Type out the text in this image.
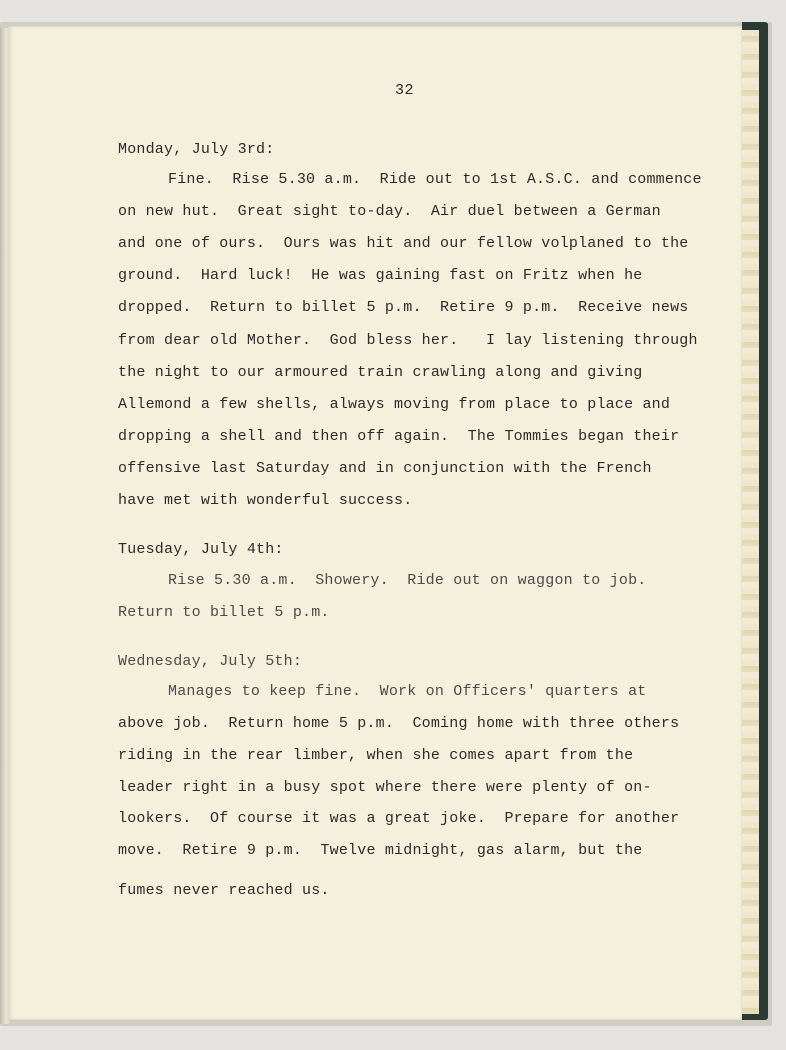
32
Monday, July 3rd:
Fine.  Rise 5.30 a.m.  Ride out to 1st A.S.C. and commence
on new hut.  Great sight to-day.  Air duel between a German
and one of ours.  Ours was hit and our fellow volplaned to the
ground.  Hard luck!  He was gaining fast on Fritz when he
dropped.  Return to billet 5 p.m.  Retire 9 p.m.  Receive news
from dear old Mother.  God bless her.   I lay listening through
the night to our armoured train crawling along and giving
Allemond a few shells, always moving from place to place and
dropping a shell and then off again.  The Tommies began their
offensive last Saturday and in conjunction with the French
have met with wonderful success.
Tuesday, July 4th:
Rise 5.30 a.m.  Showery.  Ride out on waggon to job.
Return to billet 5 p.m.
Wednesday, July 5th:
Manages to keep fine.  Work on Officers' quarters at
above job.  Return home 5 p.m.  Coming home with three others
riding in the rear limber, when she comes apart from the
leader right in a busy spot where there were plenty of on-
lookers.  Of course it was a great joke.  Prepare for another
move.  Retire 9 p.m.  Twelve midnight, gas alarm, but the
fumes never reached us.
